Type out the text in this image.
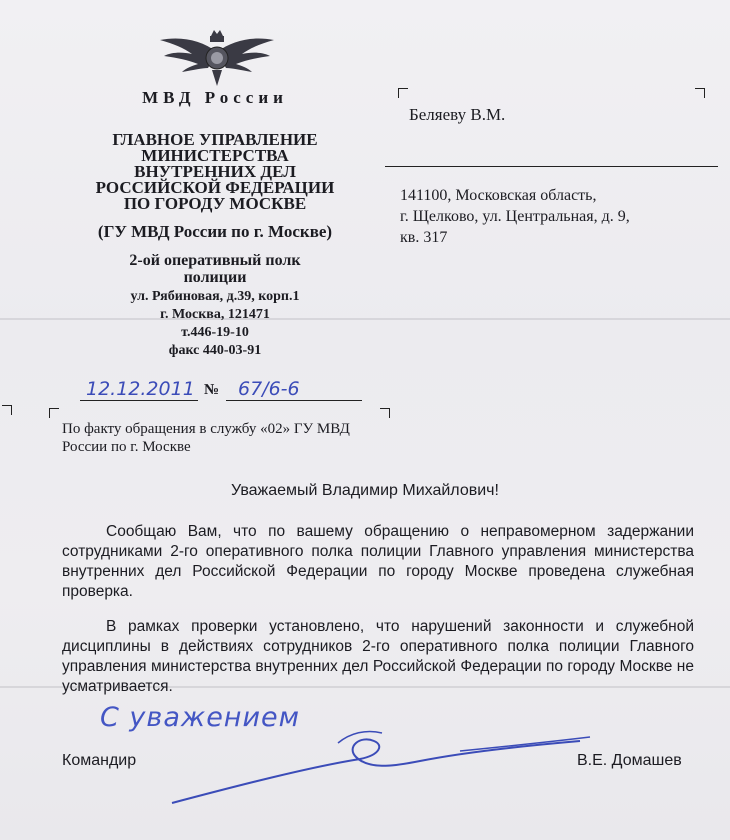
МВД России
ГЛАВНОЕ УПРАВЛЕНИЕ
МИНИСТЕРСТВА
ВНУТРЕННИХ ДЕЛ
РОССИЙСКОЙ ФЕДЕРАЦИИ
ПО ГОРОДУ МОСКВЕ
(ГУ МВД России по г. Москве)
2-ой оперативный полк
полиции
ул. Рябиновая, д.39, корп.1
г. Москва, 121471
т.446-19-10
факс 440-03-91
12.12.2011 № 67/6-6
По факту обращения в службу «02» ГУ МВД России по г. Москве
Беляеву В.М.
141100, Московская область,
г. Щелково, ул. Центральная, д. 9,
кв. 317
Уважаемый Владимир Михайлович!
Сообщаю Вам, что по вашему обращению о неправомерном задержании сотрудниками 2-го оперативного полка полиции Главного управления министерства внутренних дел Российской Федерации по городу Москве проведена служебная проверка.
В рамках проверки установлено, что нарушений законности и служебной дисциплины в действиях сотрудников 2-го оперативного полка полиции Главного управления министерства внутренних дел Российской Федерации по городу Москве не усматривается.
С уважением
Командир	В.Е. Домашев
